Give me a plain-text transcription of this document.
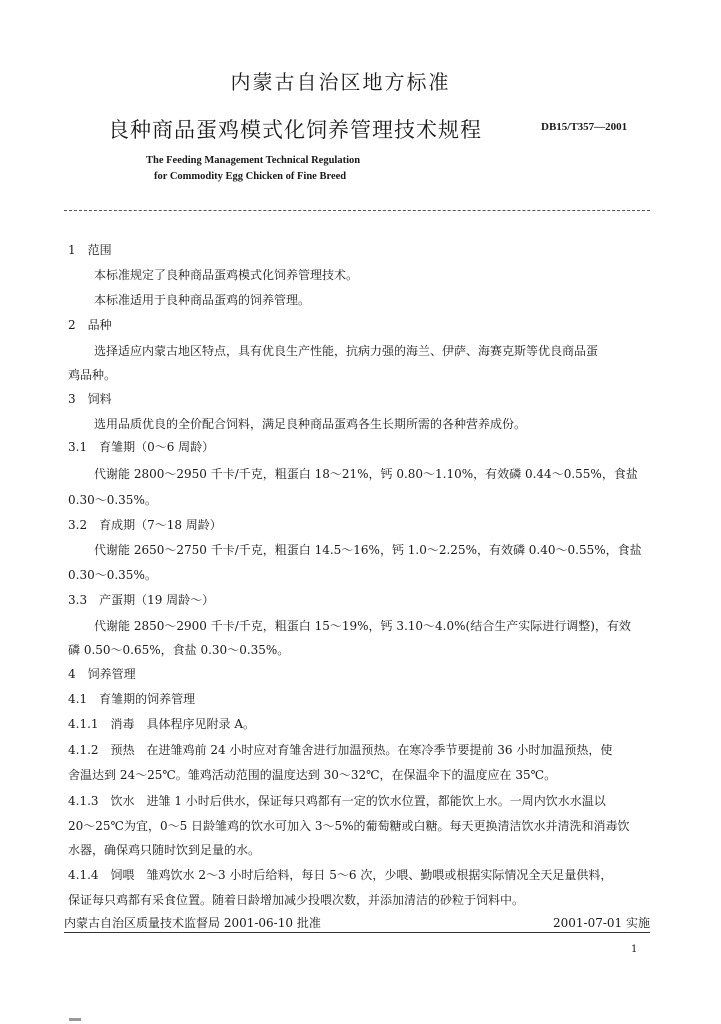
内蒙古自治区地方标准
良种商品蛋鸡模式化饲养管理技术规程	DB15/T357—2001
The Feeding Management Technical Regulation
for Commodity Egg Chicken of Fine Breed
1　范围
本标准规定了良种商品蛋鸡模式化饲养管理技术。
本标准适用于良种商品蛋鸡的饲养管理。
2　品种
选择适应内蒙古地区特点，具有优良生产性能，抗病力强的海兰、伊萨、海赛克斯等优良商品蛋
鸡品种。
3　饲料
选用品质优良的全价配合饲料，满足良种商品蛋鸡各生长期所需的各种营养成份。
3.1　育雏期（0～6 周龄）
代谢能 2800～2950 千卡/千克，粗蛋白 18～21%，钙 0.80～1.10%，有效磷 0.44～0.55%，食盐
0.30～0.35%。
3.2　育成期（7～18 周龄）
代谢能 2650～2750 千卡/千克，粗蛋白 14.5～16%，钙 1.0～2.25%，有效磷 0.40～0.55%，食盐
0.30～0.35%。
3.3　产蛋期（19 周龄～）
代谢能 2850～2900 千卡/千克，粗蛋白 15～19%，钙 3.10～4.0%(结合生产实际进行调整)，有效
磷 0.50～0.65%，食盐 0.30～0.35%。
4　饲养管理
4.1　育雏期的饲养管理
4.1.1　消毒　具体程序见附录 A。
4.1.2　预热　在进雏鸡前 24 小时应对育雏舍进行加温预热。在寒冷季节要提前 36 小时加温预热，使
舍温达到 24～25℃。雏鸡活动范围的温度达到 30～32℃，在保温伞下的温度应在 35℃。
4.1.3　饮水　进雏 1 小时后供水，保证每只鸡都有一定的饮水位置，都能饮上水。一周内饮水水温以
20～25℃为宜，0～5 日龄雏鸡的饮水可加入 3～5%的葡萄糖或白糖。每天更换清洁饮水并清洗和消毒饮
水器，确保鸡只随时饮到足量的水。
4.1.4　饲喂　雏鸡饮水 2～3 小时后给料，每日 5～6 次，少喂、勤喂或根据实际情况全天足量供料，
保证每只鸡都有采食位置。随着日龄增加减少投喂次数，并添加清洁的砂粒于饲料中。
内蒙古自治区质量技术监督局 2001-06-10 批准	2001-07-01 实施
1
